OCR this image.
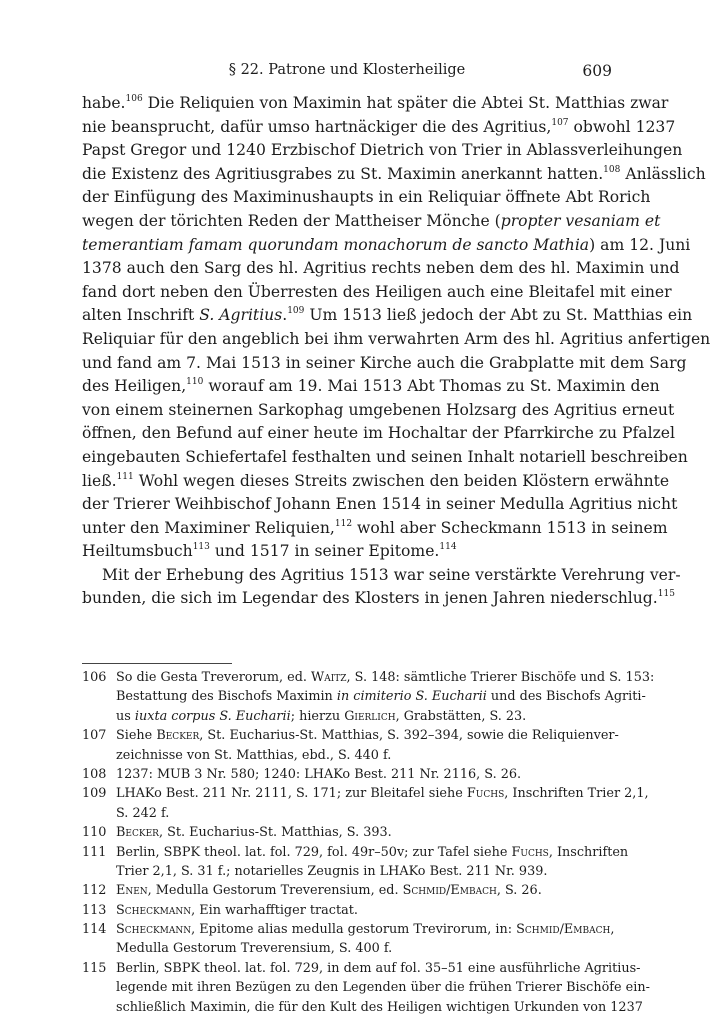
§ 22. Patrone und Klosterheilige	609
habe.$^{106}$ Die Reliquien von Maximin hat später die Abtei St. Matthias zwar
nie beansprucht, dafür umso hartnäckiger die des Agritius,$^{107}$ obwohl 1237
Papst Gregor und 1240 Erzbischof Dietrich von Trier in Ablassverleihungen
die Existenz des Agritiusgrabes zu St. Maximin anerkannt hatten.$^{108}$ Anlässlich
der Einfügung des Maximinushaupts in ein Reliquiar öffnete Abt Rorich
wegen der törichten Reden der Mattheiser Mönche (propter vesaniam et
temerantiam famam quorundam monachorum de sancto Mathia) am 12. Juni
1378 auch den Sarg des hl. Agritius rechts neben dem des hl. Maximin und
fand dort neben den Überresten des Heiligen auch eine Bleitafel mit einer
alten Inschrift S. Agritius.$^{109}$ Um 1513 ließ jedoch der Abt zu St. Matthias ein
Reliquiar für den angeblich bei ihm verwahrten Arm des hl. Agritius anfertigen
und fand am 7. Mai 1513 in seiner Kirche auch die Grabplatte mit dem Sarg
des Heiligen,$^{110}$ worauf am 19. Mai 1513 Abt Thomas zu St. Maximin den
von einem steinernen Sarkophag umgebenen Holzsarg des Agritius erneut
öffnen, den Befund auf einer heute im Hochaltar der Pfarrkirche zu Pfalzel
eingebauten Schiefertafel festhalten und seinen Inhalt notariell beschreiben
ließ.$^{111}$ Wohl wegen dieses Streits zwischen den beiden Klöstern erwähnte
der Trierer Weihbischof Johann Enen 1514 in seiner Medulla Agritius nicht
unter den Maximiner Reliquien,$^{112}$ wohl aber Scheckmann 1513 in seinem
Heiltumsbuch$^{113}$ und 1517 in seiner Epitome.$^{114}$
Mit der Erhebung des Agritius 1513 war seine verstärkte Verehrung ver-
bunden, die sich im Legendar des Klosters in jenen Jahren niederschlug.$^{115}$
106 So die Gesta Treverorum, ed. Waitz, S. 148: sämtliche Trierer Bischöfe und S. 153:
Bestattung des Bischofs Maximin in cimiterio S. Eucharii und des Bischofs Agriti-
us iuxta corpus S. Eucharii; hierzu Gierlich, Grabstätten, S. 23.
107 Siehe Becker, St. Eucharius-St. Matthias, S. 392–394, sowie die Reliquienver-
zeichnisse von St. Matthias, ebd., S. 440 f.
108 1237: MUB 3 Nr. 580; 1240: LHAKo Best. 211 Nr. 2116, S. 26.
109 LHAKo Best. 211 Nr. 2111, S. 171; zur Bleitafel siehe Fuchs, Inschriften Trier 2,1,
S. 242 f.
110 Becker, St. Eucharius-St. Matthias, S. 393.
111 Berlin, SBPK theol. lat. fol. 729, fol. 49r–50v; zur Tafel siehe Fuchs, Inschriften
Trier 2,1, S. 31 f.; notarielles Zeugnis in LHAKo Best. 211 Nr. 939.
112 Enen, Medulla Gestorum Treverensium, ed. Schmid/Embach, S. 26.
113 Scheckmann, Ein warhafftiger tractat.
114 Scheckmann, Epitome alias medulla gestorum Trevirorum, in: Schmid/Embach,
Medulla Gestorum Treverensium, S. 400 f.
115 Berlin, SBPK theol. lat. fol. 729, in dem auf fol. 35–51 eine ausführliche Agritius-
legende mit ihren Bezügen zu den Legenden über die frühen Trierer Bischöfe ein-
schließlich Maximin, die für den Kult des Heiligen wichtigen Urkunden von 1237
